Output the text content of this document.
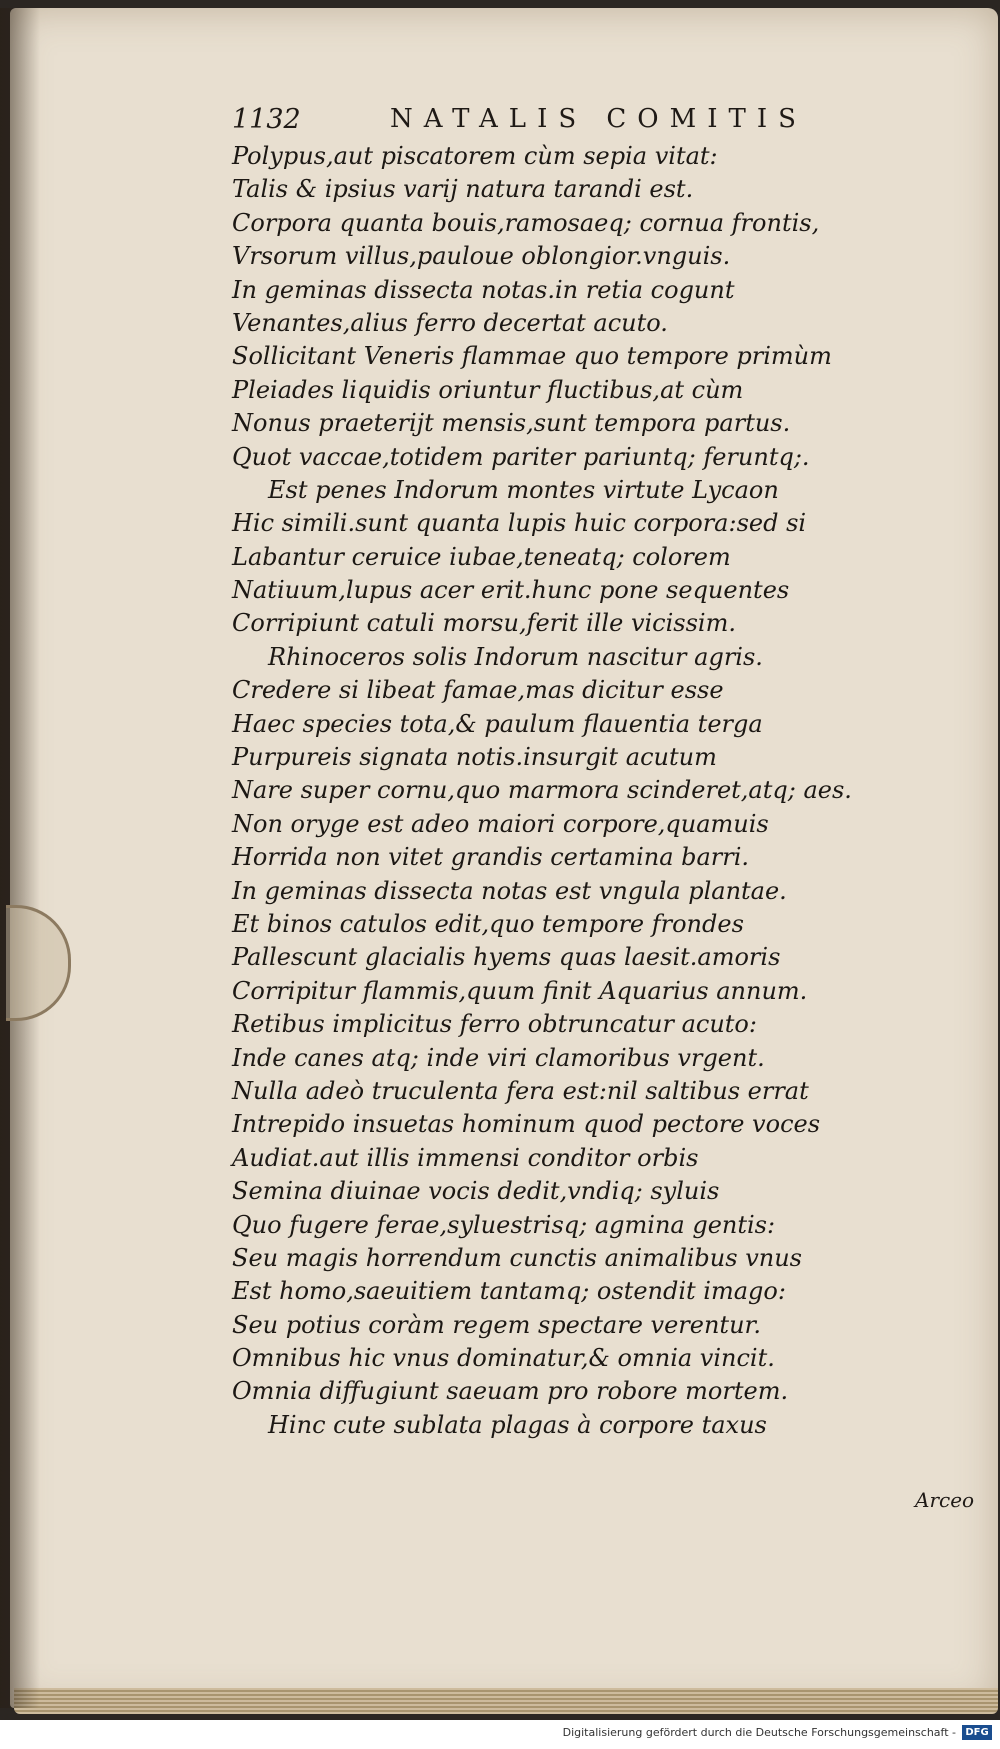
1132	NATALIS COMITIS
Polypus,aut piscatorem cùm sepia vitat:
Talis & ipsius varij natura tarandi est.
Corpora quanta bouis,ramosaeq; cornua frontis,
Vrsorum villus,pauloue oblongior.vnguis.
In geminas dissecta notas.in retia cogunt
Venantes,alius ferro decertat acuto.
Sollicitant Veneris flammae quo tempore primùm
Pleiades liquidis oriuntur fluctibus,at cùm
Nonus praeterijt mensis,sunt tempora partus.
Quot vaccae,totidem pariter pariuntq; feruntq;.
Est penes Indorum montes virtute Lycaon
Hic simili.sunt quanta lupis huic corpora:sed si
Labantur ceruice iubae,teneatq; colorem
Natiuum,lupus acer erit.hunc pone sequentes
Corripiunt catuli morsu,ferit ille vicissim.
Rhinoceros solis Indorum nascitur agris.
Credere si libeat famae,mas dicitur esse
Haec species tota,& paulum flauentia terga
Purpureis signata notis.insurgit acutum
Nare super cornu,quo marmora scinderet,atq; aes.
Non oryge est adeo maiori corpore,quamuis
Horrida non vitet grandis certamina barri.
In geminas dissecta notas est vngula plantae.
Et binos catulos edit,quo tempore frondes
Pallescunt glacialis hyems quas laesit.amoris
Corripitur flammis,quum finit Aquarius annum.
Retibus implicitus ferro obtruncatur acuto:
Inde canes atq; inde viri clamoribus vrgent.
Nulla adeò truculenta fera est:nil saltibus errat
Intrepido insuetas hominum quod pectore voces
Audiat.aut illis immensi conditor orbis
Semina diuinae vocis dedit,vndiq; syluis
Quo fugere ferae,syluestrisq; agmina gentis:
Seu magis horrendum cunctis animalibus vnus
Est homo,saeuitiem tantamq; ostendit imago:
Seu potius coràm regem spectare verentur.
Omnibus hic vnus dominatur,& omnia vincit.
Omnia diffugiunt saeuam pro robore mortem.
Hinc cute sublata plagas à corpore taxus
Arceo
Digitalisierung gefördert durch die Deutsche Forschungsgemeinschaft - DFG
